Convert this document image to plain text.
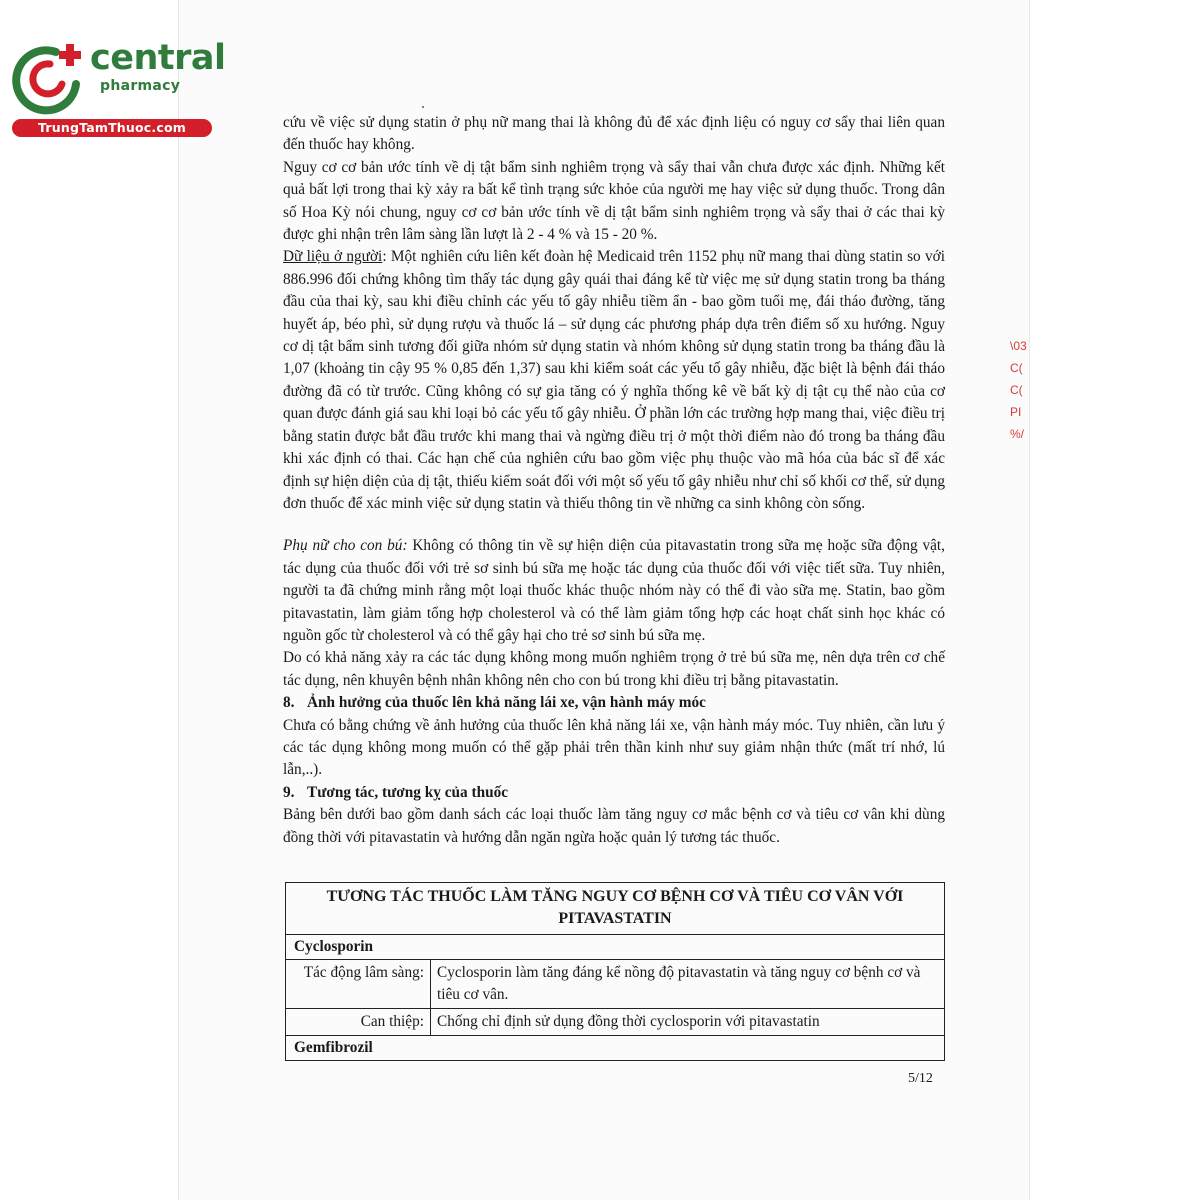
central
pharmacy
TrungTamThuoc.com	cứu về việc sử dụng statin ở phụ nữ mang thai là không đủ để xác định liệu có nguy cơ sẩy thai liên quan đến thuốc hay không.

Nguy cơ cơ bản ước tính về dị tật bẩm sinh nghiêm trọng và sẩy thai vẫn chưa được xác định. Những kết quả bất lợi trong thai kỳ xảy ra bất kể tình trạng sức khỏe của người mẹ hay việc sử dụng thuốc. Trong dân số Hoa Kỳ nói chung, nguy cơ cơ bản ước tính về dị tật bẩm sinh nghiêm trọng và sẩy thai ở các thai kỳ được ghi nhận trên lâm sàng lần lượt là 2 - 4 % và 15 - 20 %.

Dữ liệu ở người: Một nghiên cứu liên kết đoàn hệ Medicaid trên 1152 phụ nữ mang thai dùng statin so với 886.996 đối chứng không tìm thấy tác dụng gây quái thai đáng kể từ việc mẹ sử dụng statin trong ba tháng đầu của thai kỳ, sau khi điều chỉnh các yếu tố gây nhiễu tiềm ẩn - bao gồm tuổi mẹ, đái tháo đường, tăng huyết áp, béo phì, sử dụng rượu và thuốc lá – sử dụng các phương pháp dựa trên điểm số xu hướng. Nguy cơ dị tật bẩm sinh tương đối giữa nhóm sử dụng statin và nhóm không sử dụng statin trong ba tháng đầu là 1,07 (khoảng tin cậy 95 % 0,85 đến 1,37) sau khi kiểm soát các yếu tố gây nhiễu, đặc biệt là bệnh đái tháo đường đã có từ trước. Cũng không có sự gia tăng có ý nghĩa thống kê về bất kỳ dị tật cụ thể nào của cơ quan được đánh giá sau khi loại bỏ các yếu tố gây nhiễu. Ở phần lớn các trường hợp mang thai, việc điều trị bằng statin được bắt đầu trước khi mang thai và ngừng điều trị ở một thời điểm nào đó trong ba tháng đầu khi xác định có thai. Các hạn chế của nghiên cứu bao gồm việc phụ thuộc vào mã hóa của bác sĩ để xác định sự hiện diện của dị tật, thiếu kiểm soát đối với một số yếu tố gây nhiễu như chỉ số khối cơ thể, sử dụng đơn thuốc để xác minh việc sử dụng statin và thiếu thông tin về những ca sinh không còn sống.

Phụ nữ cho con bú: Không có thông tin về sự hiện diện của pitavastatin trong sữa mẹ hoặc sữa động vật, tác dụng của thuốc đối với trẻ sơ sinh bú sữa mẹ hoặc tác dụng của thuốc đối với việc tiết sữa. Tuy nhiên, người ta đã chứng minh rằng một loại thuốc khác thuộc nhóm này có thể đi vào sữa mẹ. Statin, bao gồm pitavastatin, làm giảm tổng hợp cholesterol và có thể làm giảm tổng hợp các hoạt chất sinh học khác có nguồn gốc từ cholesterol và có thể gây hại cho trẻ sơ sinh bú sữa mẹ.

Do có khả năng xảy ra các tác dụng không mong muốn nghiêm trọng ở trẻ bú sữa mẹ, nên dựa trên cơ chế tác dụng, nên khuyên bệnh nhân không nên cho con bú trong khi điều trị bằng pitavastatin.

8. Ảnh hưởng của thuốc lên khả năng lái xe, vận hành máy móc

Chưa có bằng chứng về ảnh hưởng của thuốc lên khả năng lái xe, vận hành máy móc. Tuy nhiên, cần lưu ý các tác dụng không mong muốn có thể gặp phải trên thần kinh như suy giảm nhận thức (mất trí nhớ, lú lẫn,..).

9. Tương tác, tương kỵ của thuốc

Bảng bên dưới bao gồm danh sách các loại thuốc làm tăng nguy cơ mắc bệnh cơ và tiêu cơ vân khi dùng đồng thời với pitavastatin và hướng dẫn ngăn ngừa hoặc quản lý tương tác thuốc.

TƯƠNG TÁC THUỐC LÀM TĂNG NGUY CƠ BỆNH CƠ VÀ TIÊU CƠ VÂN VỚI PITAVASTATIN
Cyclosporin
Tác động lâm sàng: Cyclosporin làm tăng đáng kể nồng độ pitavastatin và tăng nguy cơ bệnh cơ và tiêu cơ vân.
Can thiệp: Chống chỉ định sử dụng đồng thời cyclosporin với pitavastatin
Gemfibrozil
5/12
\03
C(
C(
PI
%/
